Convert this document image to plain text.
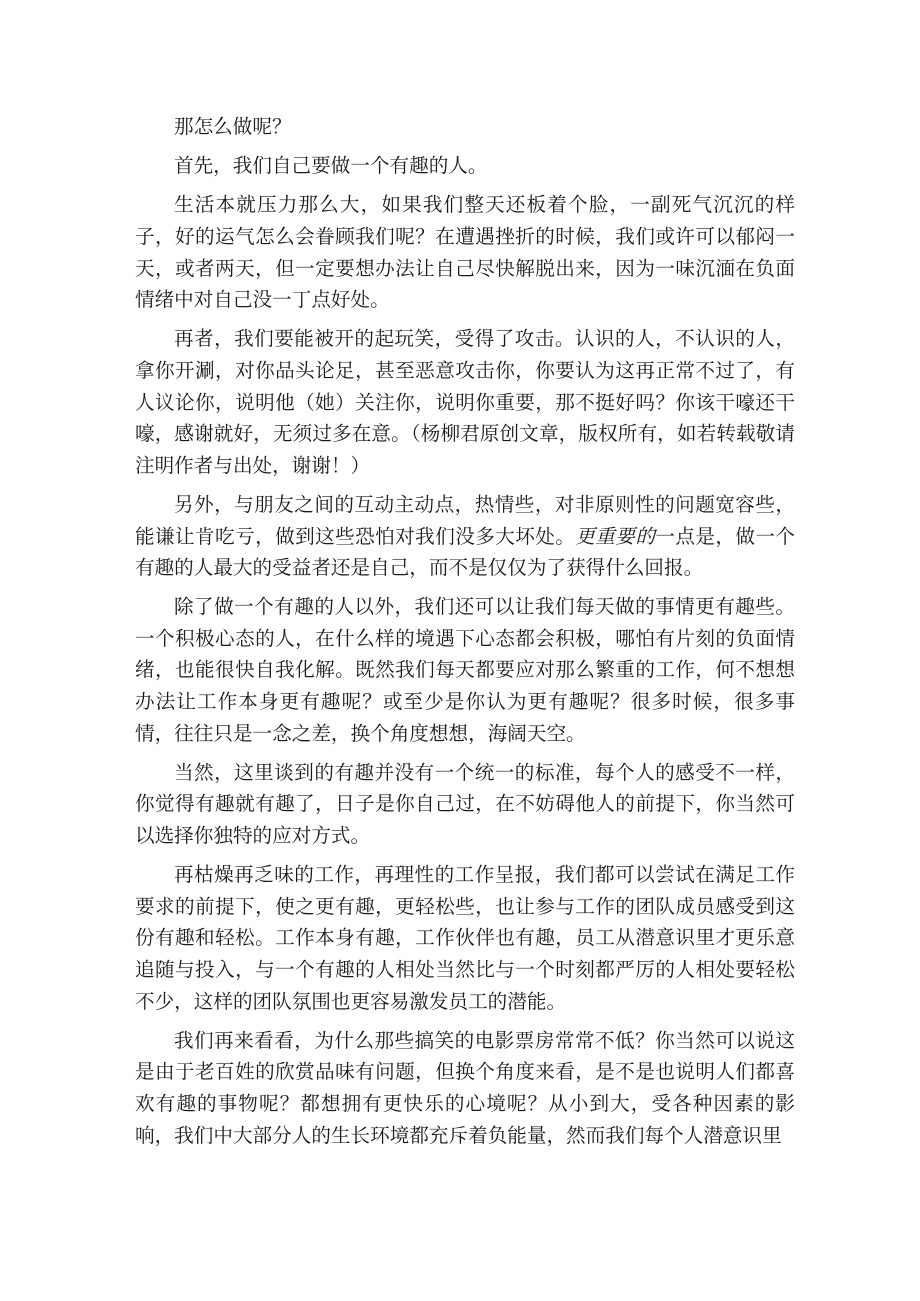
那怎么做呢？

首先，我们自己要做一个有趣的人。

生活本就压力那么大，如果我们整天还板着个脸，一副死气沉沉的样子，好的运气怎么会眷顾我们呢？在遭遇挫折的时候，我们或许可以郁闷一天，或者两天，但一定要想办法让自己尽快解脱出来，因为一味沉湎在负面情绪中对自己没一丁点好处。

再者，我们要能被开的起玩笑，受得了攻击。认识的人，不认识的人，拿你开涮，对你品头论足，甚至恶意攻击你，你要认为这再正常不过了，有人议论你，说明他（她）关注你，说明你重要，那不挺好吗？你该干嚎还干嚎，感谢就好，无须过多在意。（杨柳君原创文章，版权所有，如若转载敬请注明作者与出处，谢谢！）

另外，与朋友之间的互动主动点，热情些，对非原则性的问题宽容些，能谦让肯吃亏，做到这些恐怕对我们没多大坏处。更重要的一点是，做一个有趣的人最大的受益者还是自己，而不是仅仅为了获得什么回报。

除了做一个有趣的人以外，我们还可以让我们每天做的事情更有趣些。一个积极心态的人，在什么样的境遇下心态都会积极，哪怕有片刻的负面情绪，也能很快自我化解。既然我们每天都要应对那么繁重的工作，何不想想办法让工作本身更有趣呢？或至少是你认为更有趣呢？很多时候，很多事情，往往只是一念之差，换个角度想想，海阔天空。

当然，这里谈到的有趣并没有一个统一的标准，每个人的感受不一样，你觉得有趣就有趣了，日子是你自己过，在不妨碍他人的前提下，你当然可以选择你独特的应对方式。

再枯燥再乏味的工作，再理性的工作呈报，我们都可以尝试在满足工作要求的前提下，使之更有趣，更轻松些，也让参与工作的团队成员感受到这份有趣和轻松。工作本身有趣，工作伙伴也有趣，员工从潜意识里才更乐意追随与投入，与一个有趣的人相处当然比与一个时刻都严厉的人相处要轻松不少，这样的团队氛围也更容易激发员工的潜能。

我们再来看看，为什么那些搞笑的电影票房常常不低？你当然可以说这是由于老百姓的欣赏品味有问题，但换个角度来看，是不是也说明人们都喜欢有趣的事物呢？都想拥有更快乐的心境呢？从小到大，受各种因素的影响，我们中大部分人的生长环境都充斥着负能量，然而我们每个人潜意识里
